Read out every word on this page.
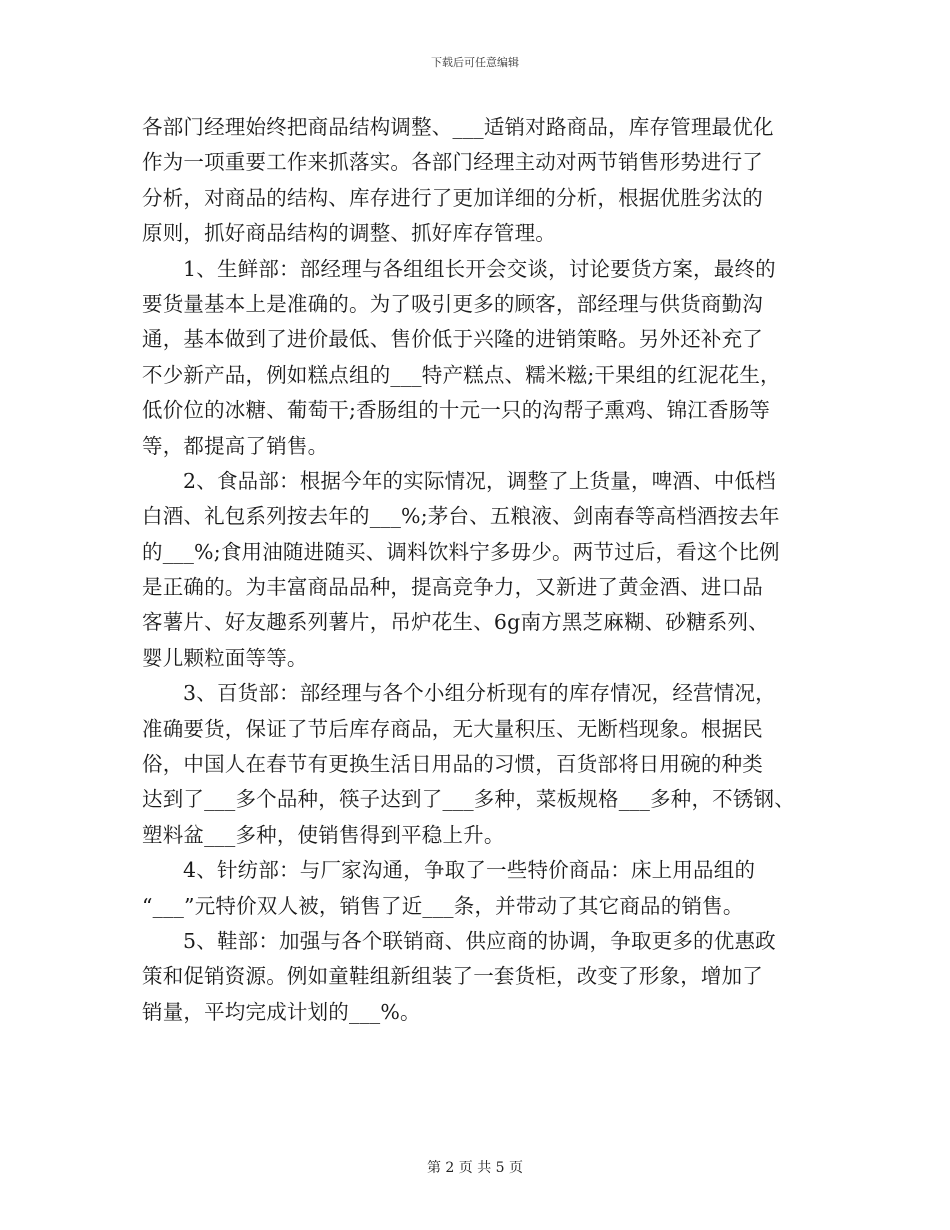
下载后可任意编辑
各部门经理始终把商品结构调整、___适销对路商品，库存管理最优化
作为一项重要工作来抓落实。各部门经理主动对两节销售形势进行了
分析，对商品的结构、库存进行了更加详细的分析，根据优胜劣汰的
原则，抓好商品结构的调整、抓好库存管理。
1、生鲜部：部经理与各组组长开会交谈，讨论要货方案，最终的
要货量基本上是准确的。为了吸引更多的顾客，部经理与供货商勤沟
通，基本做到了进价最低、售价低于兴隆的进销策略。另外还补充了
不少新产品，例如糕点组的___特产糕点、糯米糍;干果组的红泥花生，
低价位的冰糖、葡萄干;香肠组的十元一只的沟帮子熏鸡、锦江香肠等
等，都提高了销售。
2、食品部：根据今年的实际情况，调整了上货量，啤酒、中低档
白酒、礼包系列按去年的___%;茅台、五粮液、剑南春等高档酒按去年
的___%;食用油随进随买、调料饮料宁多毋少。两节过后，看这个比例
是正确的。为丰富商品品种，提高竞争力，又新进了黄金酒、进口品
客薯片、好友趣系列薯片，吊炉花生、6g南方黑芝麻糊、砂糖系列、
婴儿颗粒面等等。
3、百货部：部经理与各个小组分析现有的库存情况，经营情况，
准确要货，保证了节后库存商品，无大量积压、无断档现象。根据民
俗，中国人在春节有更换生活日用品的习惯，百货部将日用碗的种类
达到了___多个品种，筷子达到了___多种，菜板规格___多种，不锈钢、
塑料盆___多种，使销售得到平稳上升。
4、针纺部：与厂家沟通，争取了一些特价商品：床上用品组的
“___”元特价双人被，销售了近___条，并带动了其它商品的销售。
5、鞋部：加强与各个联销商、供应商的协调，争取更多的优惠政
策和促销资源。例如童鞋组新组装了一套货柜，改变了形象，增加了
销量，平均完成计划的___%。
第 2 页 共 5 页
